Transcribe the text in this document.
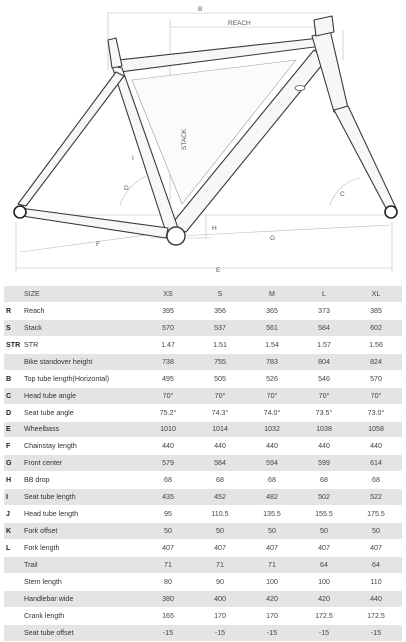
B
REACH
STACK
D
C
I
H
F
G
E
	SIZE	XS	S	M	L	XL
R	Reach	395	356	365	373	385
S	Stack	570	537	561	584	602
STR	STR	1.47	1.51	1.54	1.57	1.56
	Bike standover height	738	755	783	804	824
B	Top tube length(Horizontal)	495	505	526	546	570
C	Head tube angle	70°	70°	70°	70°	70°
D	Seat tube angle	75.2°	74.3°	74.0°	73.5°	73.0°
E	Wheelbass	1010	1014	1032	1038	1058
F	Chainstay length	440	440	440	440	440
G	Front center	579	584	594	599	614
H	BB drop	68	68	68	68	68
I	Seat tube length	435	452	482	502	522
J	Head tube length	95	110.5	135.5	155.5	175.5
K	Fork offset	50	50	50	50	50
L	Fork length	407	407	407	407	407
	Trail	71	71	71	64	64
	Stem length	80	90	100	100	110
	Handlebar wide	380	400	420	420	440
	Crank length	165	170	170	172.5	172.5
	Seat tube offset	-15	-15	-15	-15	-15
